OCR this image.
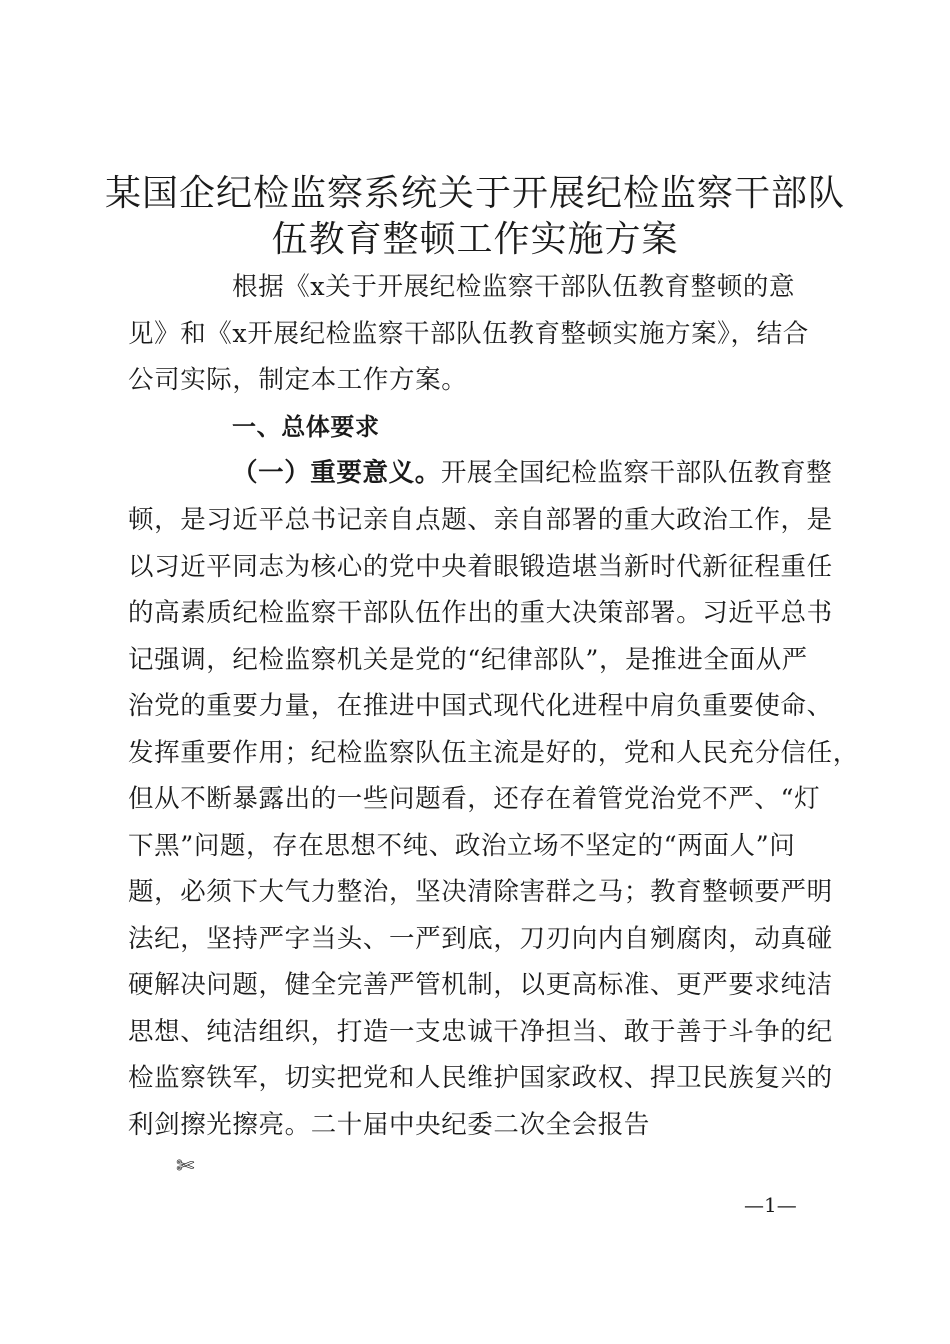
某国企纪检监察系统关于开展纪检监察干部队
伍教育整顿工作实施方案
根据《x关于开展纪检监察干部队伍教育整顿的意
见》和《x开展纪检监察干部队伍教育整顿实施方案》，结合
公司实际，制定本工作方案。
一、总体要求
（一）重要意义。开展全国纪检监察干部队伍教育整
顿，是习近平总书记亲自点题、亲自部署的重大政治工作，是
以习近平同志为核心的党中央着眼锻造堪当新时代新征程重任
的高素质纪检监察干部队伍作出的重大决策部署。习近平总书
记强调，纪检监察机关是党的“纪律部队”，是推进全面从严
治党的重要力量，在推进中国式现代化进程中肩负重要使命、
发挥重要作用；纪检监察队伍主流是好的，党和人民充分信任，
但从不断暴露出的一些问题看，还存在着管党治党不严、“灯
下黑”问题，存在思想不纯、政治立场不坚定的“两面人”问
题，必须下大气力整治，坚决清除害群之马；教育整顿要严明
法纪，坚持严字当头、一严到底，刀刃向内自剜腐肉，动真碰
硬解决问题，健全完善严管机制，以更高标准、更严要求纯洁
思想、纯洁组织，打造一支忠诚干净担当、敢于善于斗争的纪
检监察铁军，切实把党和人民维护国家政权、捍卫民族复兴的
利剑擦光擦亮。二十届中央纪委二次全会报告
✄
—1—
